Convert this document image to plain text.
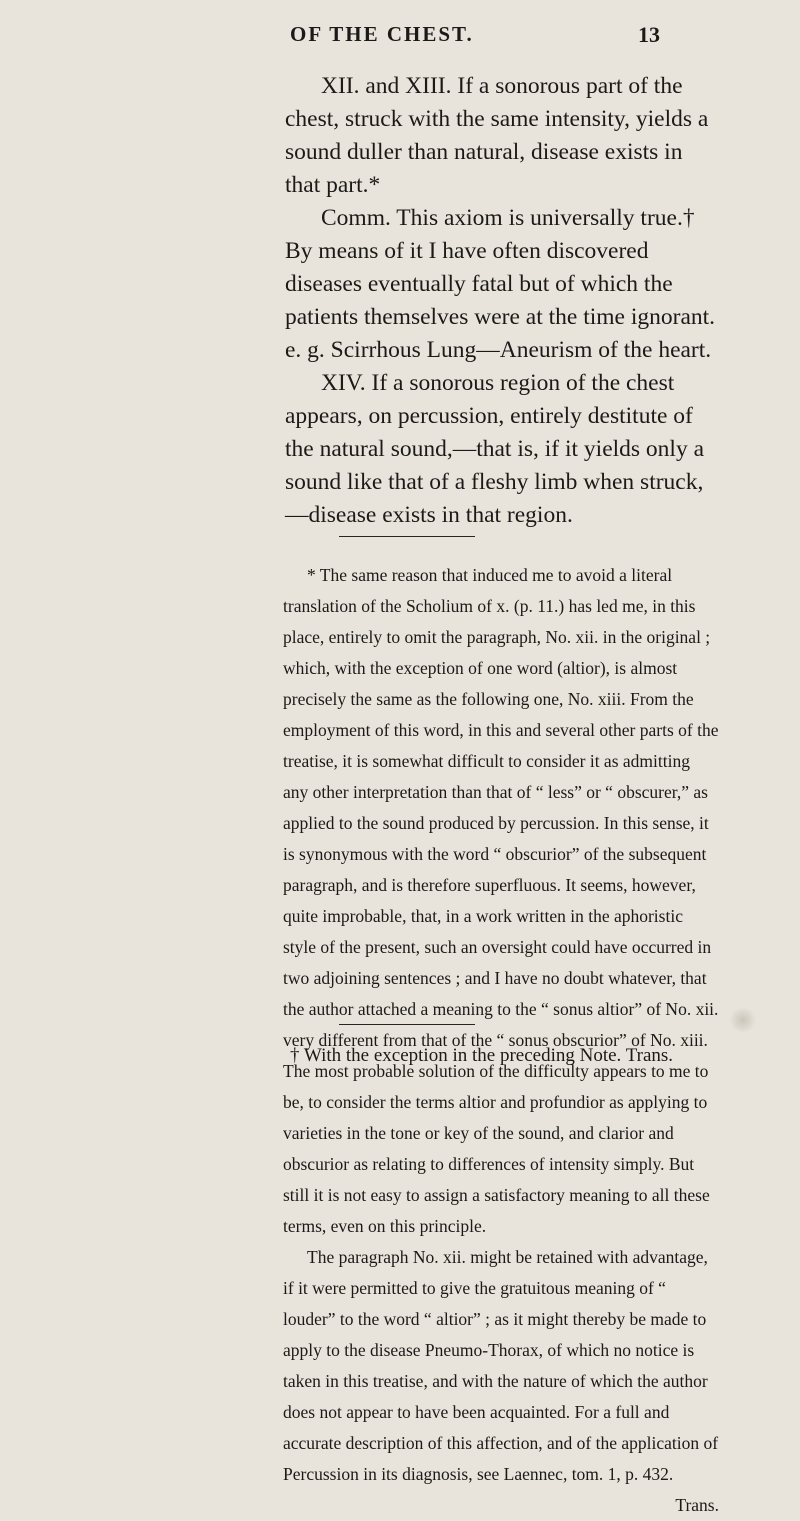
OF THE CHEST.	13

XII. and XIII. If a sonorous part of the chest, struck with the same intensity, yields a sound duller than natural, disease exists in that part.*

Comm. This axiom is universally true.† By means of it I have often discovered diseases eventually fatal but of which the patients themselves were at the time ignorant. e. g. Scirrhous Lung—Aneurism of the heart.

XIV. If a sonorous region of the chest appears, on percussion, entirely destitute of the natural sound,—that is, if it yields only a sound like that of a fleshy limb when struck,—disease exists in that region.

* The same reason that induced me to avoid a literal translation of the Scholium of x. (p. 11.) has led me, in this place, entirely to omit the paragraph, No. xii. in the original ; which, with the exception of one word (altior), is almost precisely the same as the following one, No. xiii. From the employment of this word, in this and several other parts of the treatise, it is somewhat difficult to consider it as admitting any other interpretation than that of “ less” or “ obscurer,” as applied to the sound produced by percussion. In this sense, it is synonymous with the word “ obscurior” of the subsequent paragraph, and is therefore superfluous. It seems, however, quite improbable, that, in a work written in the aphoristic style of the present, such an oversight could have occurred in two adjoining sentences ; and I have no doubt whatever, that the author attached a meaning to the “ sonus altior” of No. xii. very different from that of the “ sonus obscurior” of No. xiii. The most probable solution of the difficulty appears to me to be, to consider the terms altior and profundior as applying to varieties in the tone or key of the sound, and clarior and obscurior as relating to differences of intensity simply. But still it is not easy to assign a satisfactory meaning to all these terms, even on this principle.

The paragraph No. xii. might be retained with advantage, if it were permitted to give the gratuitous meaning of “ louder” to the word “ altior” ; as it might thereby be made to apply to the disease Pneumo-Thorax, of which no notice is taken in this treatise, and with the nature of which the author does not appear to have been acquainted. For a full and accurate description of this affection, and of the application of Percussion in its diagnosis, see Laennec, tom. 1, p. 432.

Trans.
† With the exception in the preceding Note. Trans.
